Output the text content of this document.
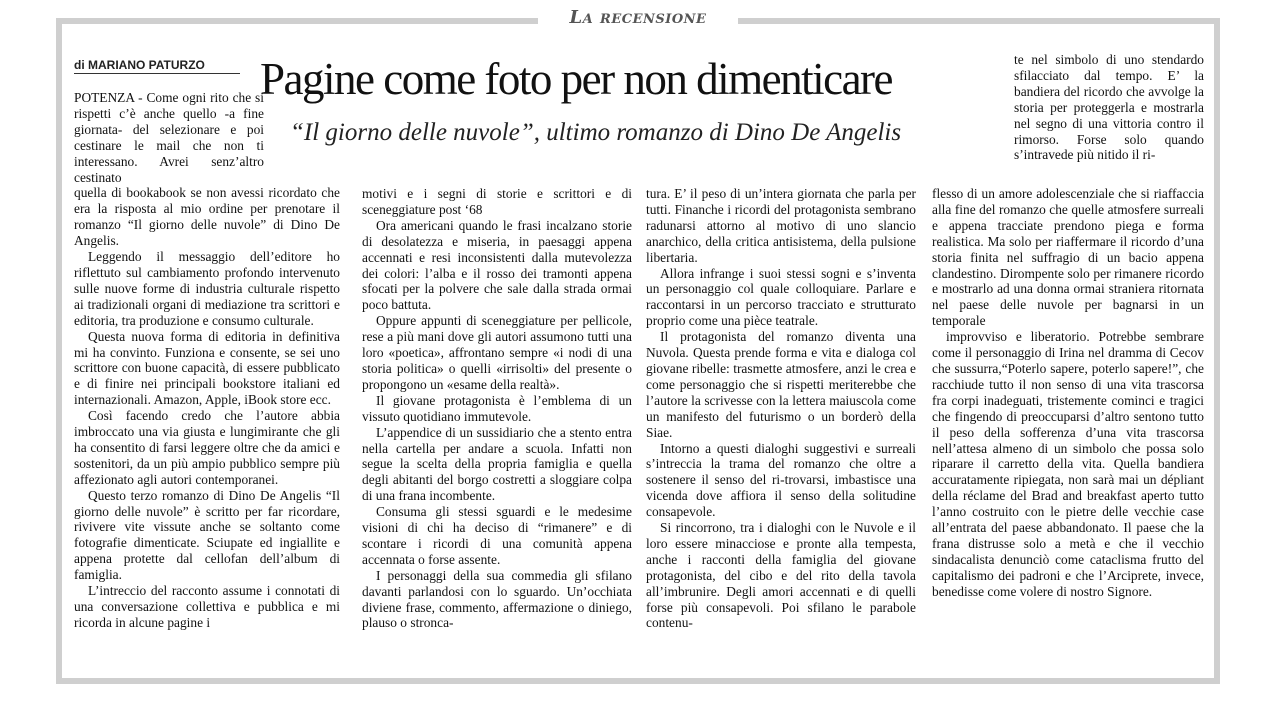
La recensione
di MARIANO PATURZO	Pagine come foto per non dimenticare
“Il giorno delle nuvole”, ultimo romanzo di Dino De Angelis

POTENZA - Come ogni rito che si rispetti c’è anche quello -a fine giornata- del selezionare e poi cestinare le mail che non ti interessano. Avrei senz’altro cestinato

quella di bookabook se non avessi ricordato che era la risposta al mio ordine per prenotare il romanzo “Il giorno delle nuvole” di Dino De Angelis.

Leggendo il messaggio dell’editore ho riflettuto sul cambiamento profondo intervenuto sulle nuove forme di industria culturale rispetto ai tradizionali organi di mediazione tra scrittori e editoria, tra produzione e consumo culturale.

Questa nuova forma di editoria in definitiva mi ha convinto. Funziona e consente, se sei uno scrittore con buone capacità, di essere pubblicato e di finire nei principali bookstore italiani ed internazionali. Amazon, Apple, iBook store ecc.

Così facendo credo che l’autore abbia imbroccato una via giusta e lungimirante che gli ha consentito di farsi leggere oltre che da amici e sostenitori, da un più ampio pubblico sempre più affezionato agli autori contemporanei.

Questo terzo romanzo di Dino De Angelis “Il giorno delle nuvole” è scritto per far ricordare, rivivere vite vissute anche se soltanto come fotografie dimenticate. Sciupate ed ingiallite e appena protette dal cellofan dell’album di famiglia.

L’intreccio del racconto assume i connotati di una conversazione collettiva e pubblica e mi ricorda in alcune pagine i

motivi e i segni di storie e scrittori e di sceneggiature post ‘68

Ora americani quando le frasi incalzano storie di desolatezza e miseria, in paesaggi appena accennati e resi inconsistenti dalla mutevolezza dei colori: l’alba e il rosso dei tramonti appena sfocati per la polvere che sale dalla strada ormai poco battuta.

Oppure appunti di sceneggiature per pellicole, rese a più mani dove gli autori assumono tutti una loro «poetica», affrontano sempre «i nodi di una storia politica» o quelli «irrisolti» del presente o propongono un «esame della realtà».

Il giovane protagonista è l’emblema di un vissuto quotidiano immutevole.

L’appendice di un sussidiario che a stento entra nella cartella per andare a scuola. Infatti non segue la scelta della propria famiglia e quella degli abitanti del borgo costretti a sloggiare colpa di una frana incombente.

Consuma gli stessi sguardi e le medesime visioni di chi ha deciso di “rimanere” e di scontare i ricordi di una comunità appena accennata o forse assente.

I personaggi della sua commedia gli sfilano davanti parlandosi con lo sguardo. Un’occhiata diviene frase, commento, affermazione o diniego, plauso o stronca-

tura. E’ il peso di un’intera giornata che parla per tutti. Finanche i ricordi del protagonista sembrano radunarsi attorno al motivo di uno slancio anarchico, della critica antisistema, della pulsione libertaria.

Allora infrange i suoi stessi sogni e s’inventa un personaggio col quale colloquiare. Parlare e raccontarsi in un percorso tracciato e strutturato proprio come una pièce teatrale.

Il protagonista del romanzo diventa una Nuvola. Questa prende forma e vita e dialoga col giovane ribelle: trasmette atmosfere, anzi le crea e come personaggio che si rispetti meriterebbe che l’autore la scrivesse con la lettera maiuscola come un manifesto del futurismo o un borderò della Siae.

Intorno a questi dialoghi suggestivi e surreali s’intreccia la trama del romanzo che oltre a sostenere il senso del ri-trovarsi, imbastisce una vicenda dove affiora il senso della solitudine consapevole.

Si rincorrono, tra i dialoghi con le Nuvole e il loro essere minacciose e pronte alla tempesta, anche i racconti della famiglia del giovane protagonista, del cibo e del rito della tavola all’imbrunire. Degli amori accennati e di quelli forse più consapevoli. Poi sfilano le parabole contenu-

te nel simbolo di uno stendardo sfilacciato dal tempo. E’ la bandiera del ricordo che avvolge la storia per proteggerla e mostrarla nel segno di una vittoria contro il rimorso. Forse solo quando s’intravede più nitido il ri-

flesso di un amore adolescenziale che si riaffaccia alla fine del romanzo che quelle atmosfere surreali e appena tracciate prendono piega e forma realistica. Ma solo per riaffermare il ricordo d’una storia finita nel suffragio di un bacio appena clandestino. Dirompente solo per rimanere ricordo e mostrarlo ad una donna ormai straniera ritornata nel paese delle nuvole per bagnarsi in un temporale

improvviso e liberatorio. Potrebbe sembrare come il personaggio di Irina nel dramma di Cecov che sussurra,“Poterlo sapere, poterlo sapere!”, che racchiude tutto il non senso di una vita trascorsa fra corpi inadeguati, tristemente cominci e tragici che fingendo di preoccuparsi d’altro sentono tutto il peso della sofferenza d’una vita trascorsa nell’attesa almeno di un simbolo che possa solo riparare il carretto della vita. Quella bandiera accuratamente ripiegata, non sarà mai un dépliant della réclame del Brad and breakfast aperto tutto l’anno costruito con le pietre delle vecchie case all’entrata del paese abbandonato. Il paese che la frana distrusse solo a metà e che il vecchio sindacalista denunciò come cataclisma frutto del capitalismo dei padroni e che l’Arciprete, invece, benedisse come volere di nostro Signore.
